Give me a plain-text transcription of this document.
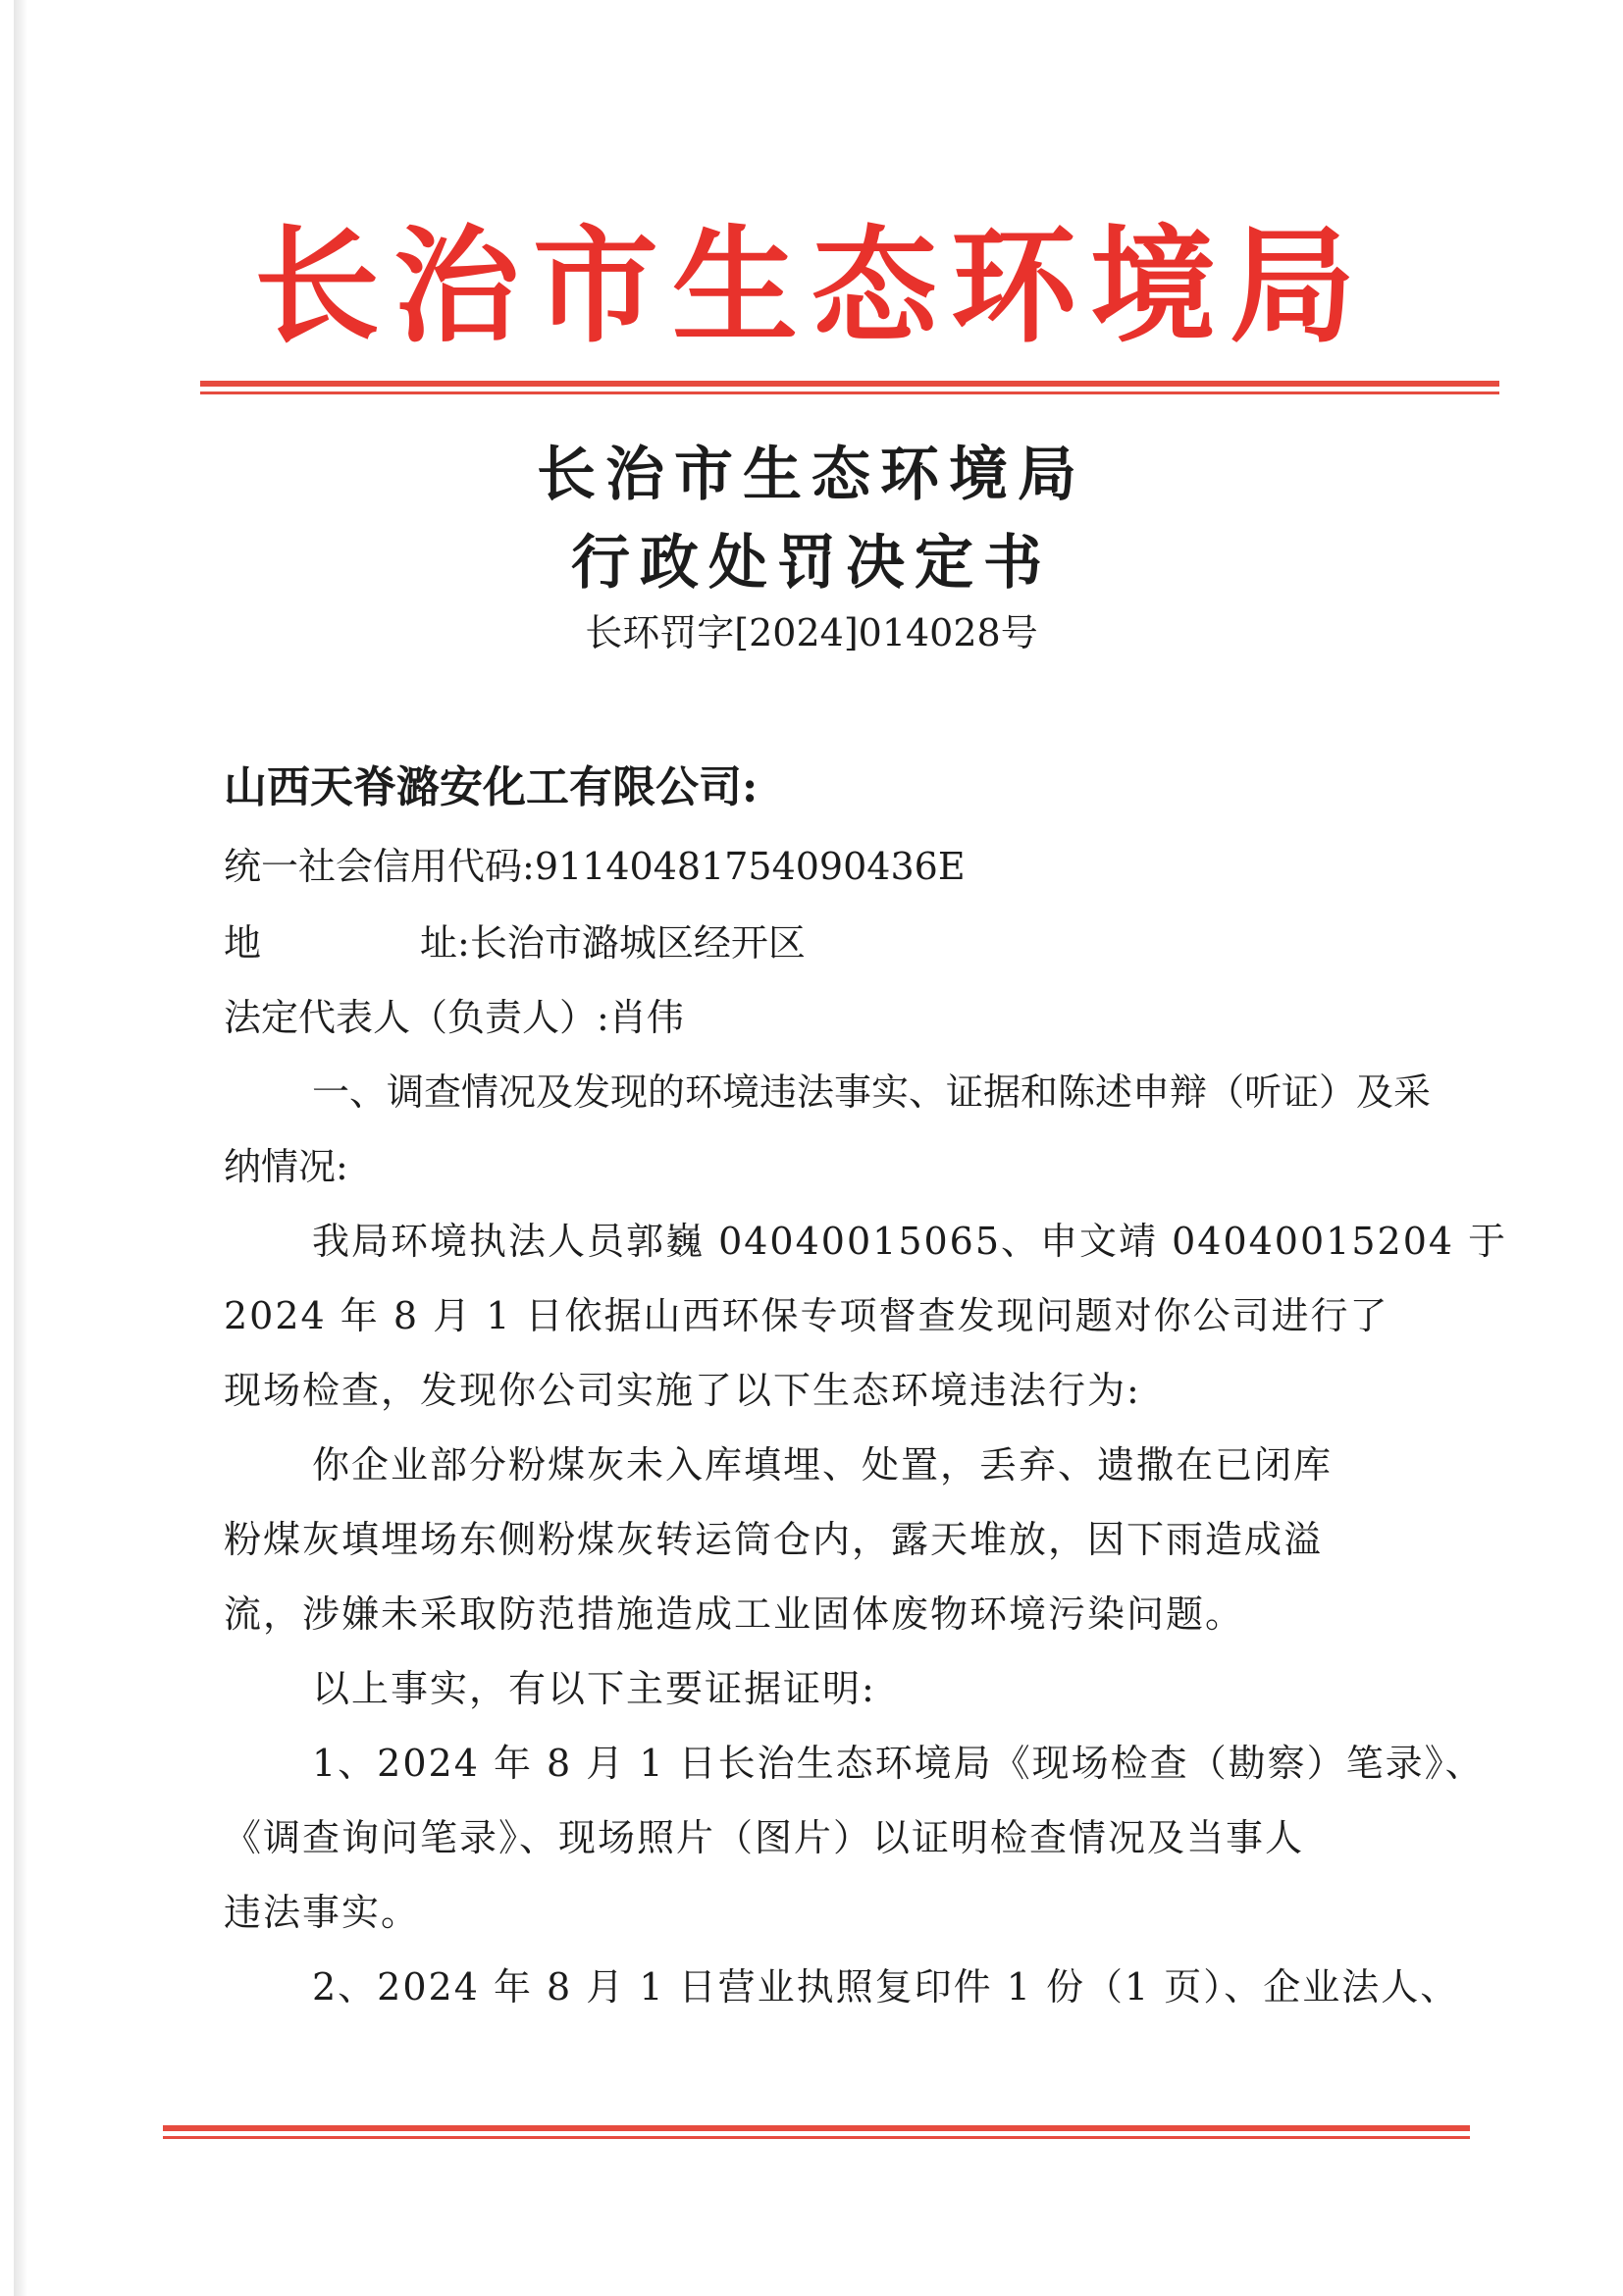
长治市生态环境局
长治市生态环境局
行政处罚决定书
长环罚字[2024]014028号
山西天脊潞安化工有限公司:
统一社会信用代码:91140481754090436E
地	址:长治市潞城区经开区
法定代表人（负责人）:肖伟
一、调查情况及发现的环境违法事实、证据和陈述申辩（听证）及采
纳情况:
我局环境执法人员郭巍 04040015065、申文靖 04040015204 于
2024 年 8 月 1 日依据山西环保专项督查发现问题对你公司进行了
现场检查，发现你公司实施了以下生态环境违法行为:
你企业部分粉煤灰未入库填埋、处置，丢弃、遗撒在已闭库
粉煤灰填埋场东侧粉煤灰转运筒仓内，露天堆放，因下雨造成溢
流，涉嫌未采取防范措施造成工业固体废物环境污染问题。
以上事实，有以下主要证据证明:
1、2024 年 8 月 1 日长治生态环境局《现场检查（勘察）笔录》、
《调查询问笔录》、现场照片（图片）以证明检查情况及当事人
违法事实。
2、2024 年 8 月 1 日营业执照复印件 1 份（1 页）、企业法人、
